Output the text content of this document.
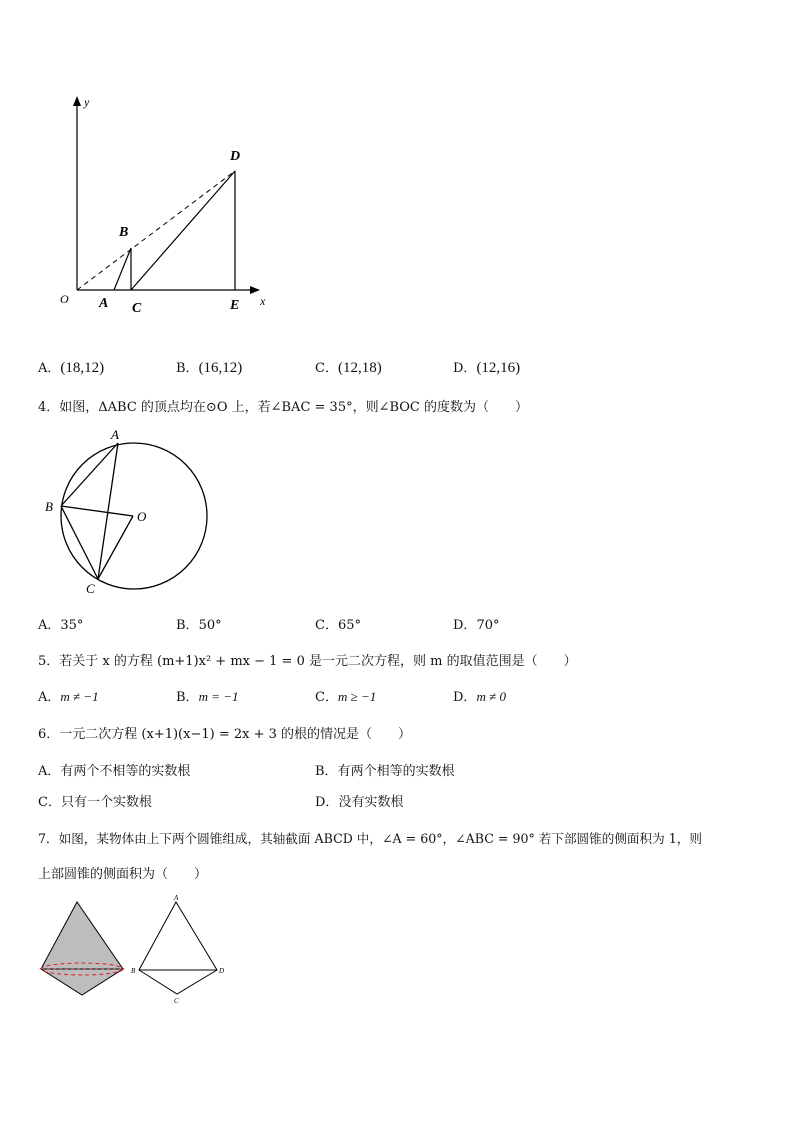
y
x
O A
B
C
D
E
A．(18,12)	B．(16,12)	C．(12,18)	D．(12,16)
4．如图，ΔABC 的顶点均在⊙O 上，若∠BAC = 35°，则∠BOC 的度数为（　　）
A
B
C
O
A．35°	B．50°	C．65°	D．70°
5．若关于 x 的方程 (m+1)x² + mx − 1 = 0 是一元二次方程，则 m 的取值范围是（　　）
A．m ≠ −1	B．m = −1	C．m ≥ −1	D．m ≠ 0
6．一元二次方程 (x+1)(x−1) = 2x + 3 的根的情况是（　　）
A．有两个不相等的实数根	B．有两个相等的实数根
C．只有一个实数根	D．没有实数根
7．如图，某物体由上下两个圆锥组成，其轴截面 ABCD 中，∠A = 60°，∠ABC = 90° 若下部圆锥的侧面积为 1，则
上部圆锥的侧面积为（　　）
A
B
C
D
